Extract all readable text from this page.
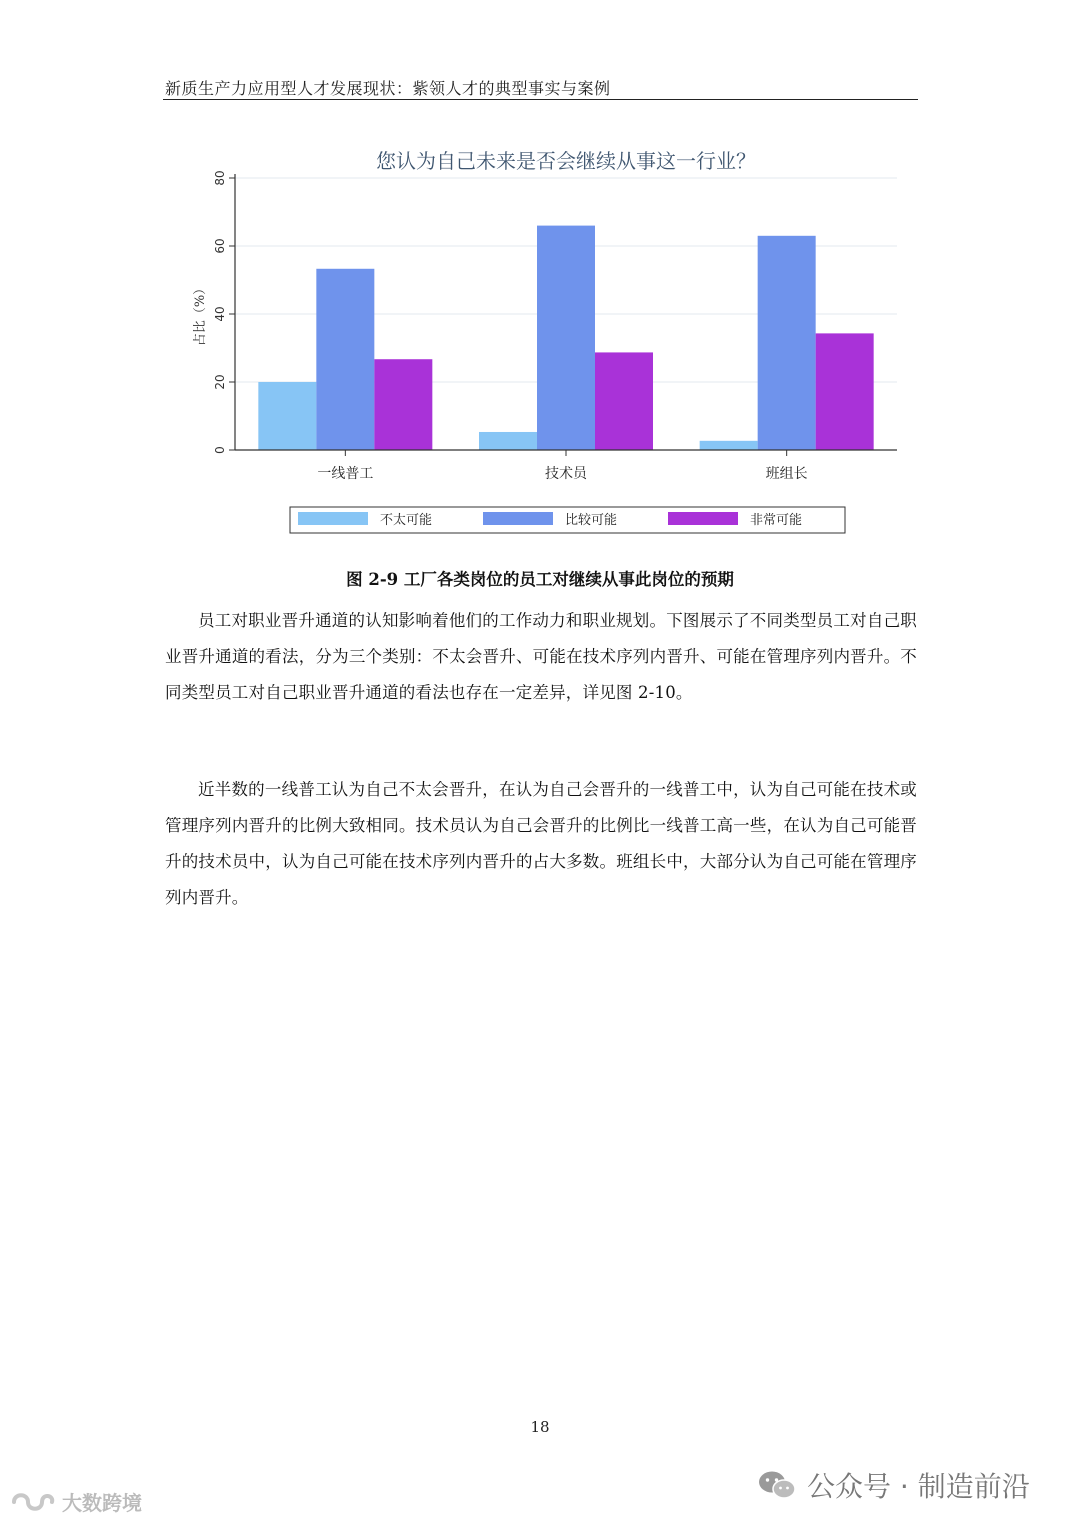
新质生产力应用型人才发展现状：紫领人才的典型事实与案例
您认为自己未来是否会继续从事这一行业？
0
20
40
60
80
占比（%）
一线普工	技术员	班组长
不太可能	比较可能	非常可能
图 2-9 工厂各类岗位的员工对继续从事此岗位的预期

员工对职业晋升通道的认知影响着他们的工作动力和职业规划。下图展示了不同类型员工对自己职业晋升通道的看法，分为三个类别：不太会晋升、可能在技术序列内晋升、可能在管理序列内晋升。不同类型员工对自己职业晋升通道的看法也存在一定差异，详见图 2-10。

近半数的一线普工认为自己不太会晋升，在认为自己会晋升的一线普工中，认为自己可能在技术或管理序列内晋升的比例大致相同。技术员认为自己会晋升的比例比一线普工高一些，在认为自己可能晋升的技术员中，认为自己可能在技术序列内晋升的占大多数。班组长中，大部分认为自己可能在管理序列内晋升。

18
大数跨境	公众号 · 制造前沿
